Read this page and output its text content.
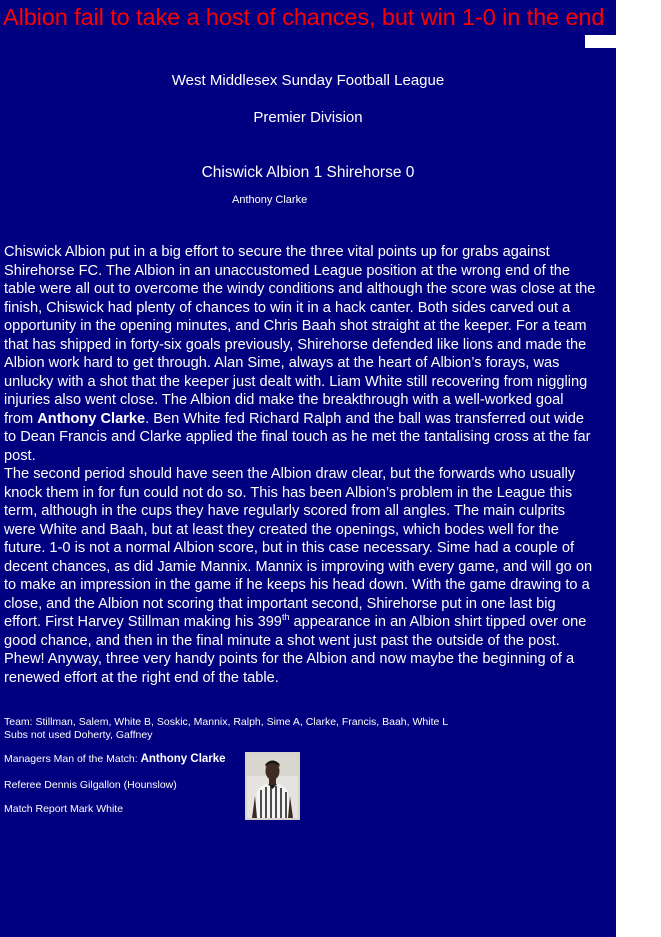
Albion fail to take a host of chances, but win 1-0 in the end

West Middlesex Sunday Football League

Premier Division

Chiswick Albion 1 Shirehorse 0

Anthony Clarke

Chiswick Albion put in a big effort to secure the three vital points up for grabs against Shirehorse FC. The Albion in an unaccustomed League position at the wrong end of the table were all out to overcome the windy conditions and although the score was close at the finish, Chiswick had plenty of chances to win it in a hack canter. Both sides carved out a opportunity in the opening minutes, and Chris Baah shot straight at the keeper. For a team that has shipped in forty-six goals previously, Shirehorse defended like lions and made the Albion work hard to get through. Alan Sime, always at the heart of Albion’s forays, was unlucky with a shot that the keeper just dealt with. Liam White still recovering from niggling injuries also went close. The Albion did make the breakthrough with a well-worked goal from Anthony Clarke. Ben White fed Richard Ralph and the ball was transferred out wide to Dean Francis and Clarke applied the final touch as he met the tantalising cross at the far post.

The second period should have seen the Albion draw clear, but the forwards who usually knock them in for fun could not do so. This has been Albion’s problem in the League this term, although in the cups they have regularly scored from all angles. The main culprits were White and Baah, but at least they created the openings, which bodes well for the future. 1-0 is not a normal Albion score, but in this case necessary. Sime had a couple of decent chances, as did Jamie Mannix. Mannix is improving with every game, and will go on to make an impression in the game if he keeps his head down. With the game drawing to a close, and the Albion not scoring that important second, Shirehorse put in one last big effort. First Harvey Stillman making his 399th appearance in an Albion shirt tipped over one good chance, and then in the final minute a shot went just past the outside of the post. Phew! Anyway, three very handy points for the Albion and now maybe the beginning of a renewed effort at the right end of the table.

Team: Stillman, Salem, White B, Soskic, Mannix, Ralph, Sime A, Clarke, Francis, Baah, White L

Subs not used Doherty, Gaffney

Managers Man of the Match: Anthony Clarke

Referee Dennis Gilgallon (Hounslow)

Match Report Mark White
